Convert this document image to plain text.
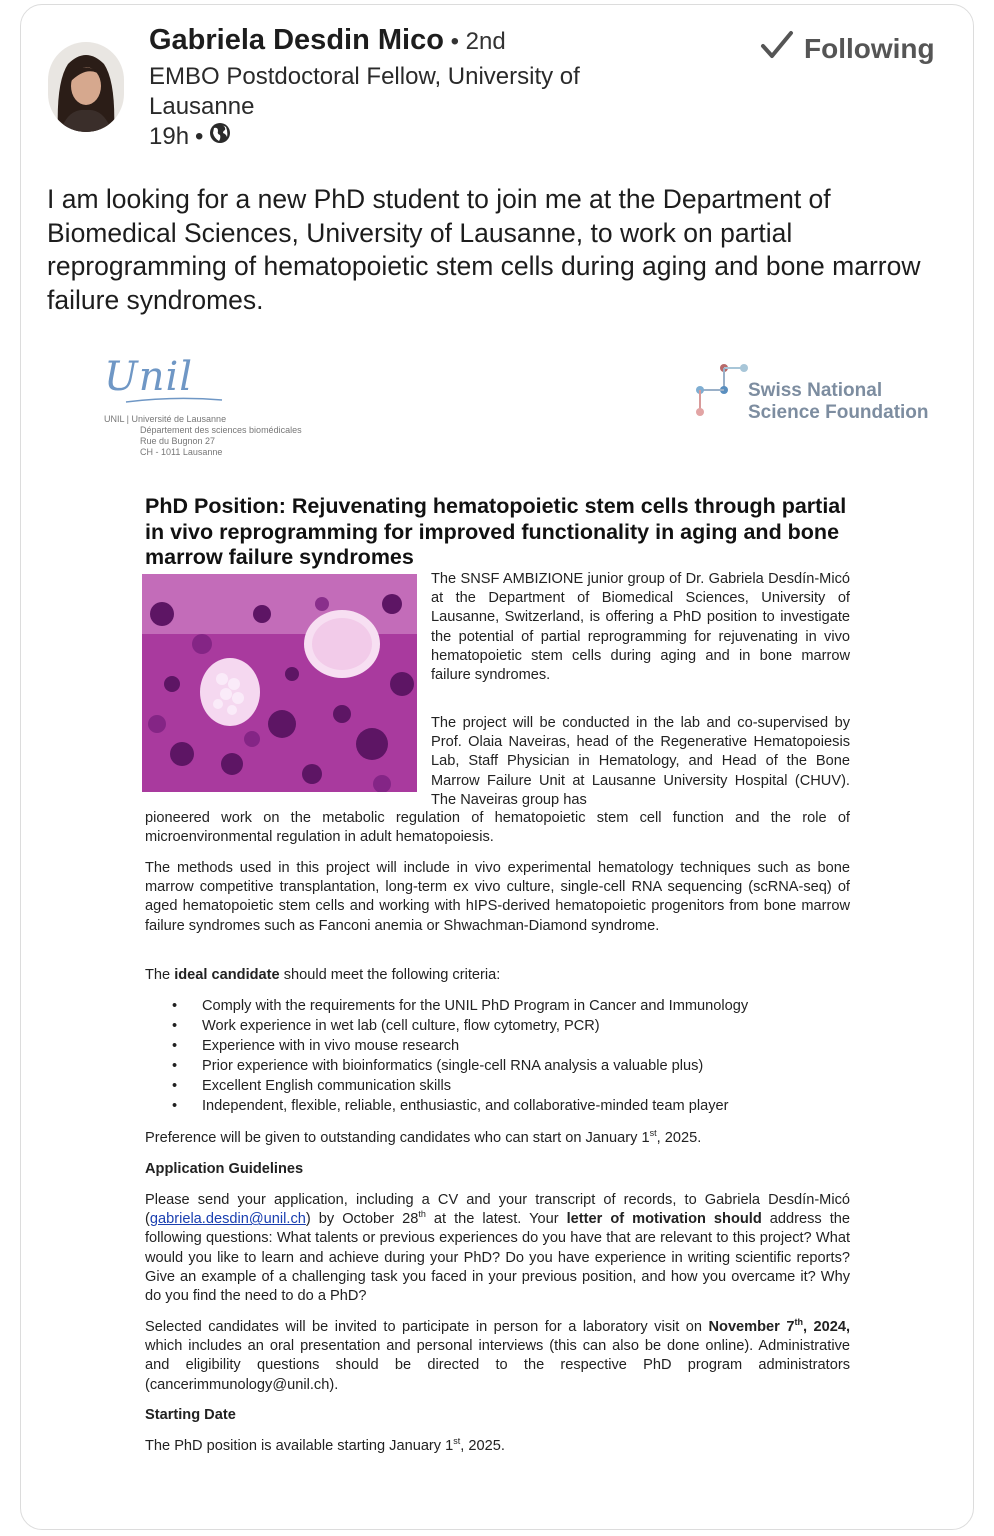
Gabriela Desdin Mico • 2nd
EMBO Postdoctoral Fellow, University of Lausanne
19h •
Following
I am looking for a new PhD student to join me at the Department of Biomedical Sciences, University of Lausanne, to work on partial reprogramming of hematopoietic stem cells during aging and bone marrow failure syndromes.
Unil
UNIL | Université de Lausanne
Département des sciences biomédicales
Rue du Bugnon 27
CH - 1011 Lausanne
Swiss National
Science Foundation
PhD Position: Rejuvenating hematopoietic stem cells through partial in vivo reprogramming for improved functionality in aging and bone marrow failure syndromes
The SNSF AMBIZIONE junior group of Dr. Gabriela Desdín-Micó at the Department of Biomedical Sciences, University of Lausanne, Switzerland, is offering a PhD position to investigate the potential of partial reprogramming for rejuvenating in vivo hematopoietic stem cells during aging and in bone marrow failure syndromes.
The project will be conducted in the lab and co-supervised by Prof. Olaia Naveiras, head of the Regenerative Hematopoiesis Lab, Staff Physician in Hematology, and Head of the Bone Marrow Failure Unit at Lausanne University Hospital (CHUV). The Naveiras group has
pioneered work on the metabolic regulation of hematopoietic stem cell function and the role of microenvironmental regulation in adult hematopoiesis.
The methods used in this project will include in vivo experimental hematology techniques such as bone marrow competitive transplantation, long-term ex vivo culture, single-cell RNA sequencing (scRNA-seq) of aged hematopoietic stem cells and working with hIPS-derived hematopoietic progenitors from bone marrow failure syndromes such as Fanconi anemia or Shwachman-Diamond syndrome.
The ideal candidate should meet the following criteria:
• Comply with the requirements for the UNIL PhD Program in Cancer and Immunology
• Work experience in wet lab (cell culture, flow cytometry, PCR)
• Experience with in vivo mouse research
• Prior experience with bioinformatics (single-cell RNA analysis a valuable plus)
• Excellent English communication skills
• Independent, flexible, reliable, enthusiastic, and collaborative-minded team player
Preference will be given to outstanding candidates who can start on January 1st, 2025.
Application Guidelines
Please send your application, including a CV and your transcript of records, to Gabriela Desdín-Micó (gabriela.desdin@unil.ch) by October 28th at the latest. Your letter of motivation should address the following questions: What talents or previous experiences do you have that are relevant to this project? What would you like to learn and achieve during your PhD? Do you have experience in writing scientific reports? Give an example of a challenging task you faced in your previous position, and how you overcame it? Why do you find the need to do a PhD?
Selected candidates will be invited to participate in person for a laboratory visit on November 7th, 2024, which includes an oral presentation and personal interviews (this can also be done online). Administrative and eligibility questions should be directed to the respective PhD program administrators (cancerimmunology@unil.ch).
Starting Date
The PhD position is available starting January 1st, 2025.
